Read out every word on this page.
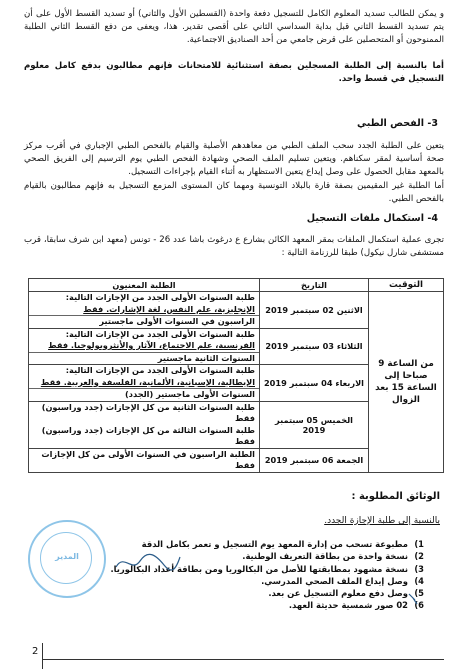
و يمكن للطالب تسديد المعلوم الكامل للتسجيل دفعة واحدة (القسطين الأول والثاني) أو تسديد القسط الأول على أن يتم تسديد القسط الثاني قبل بداية السداسي الثاني على أقصى تقدير. هذا، ويعفى من دفع القسط الثاني الطلبة الممنوحون أو المتحصلين على قرض جامعي من أحد الصناديق الاجتماعية.
أما بالنسبة إلى الطلبة المسجلين بصفة استثنائية للامتحانات فإنهم مطالبون بدفع كامل معلوم التسجيل في قسط واحد.
3- الفحص الطبي
يتعين على الطلبة الجدد سحب الملف الطبي من معاهدهم الأصلية والقيام بالفحص الطبي الإجباري في أقرب مركز صحة أساسية لمقر سكناهم. ويتعين تسليم الملف الصحي وشهادة الفحص الطبي يوم الترسيم إلى الفريق الصحي بالمعهد مقابل الحصول على وصل إيداع يتعين الاستظهار به أثناء القيام بإجراءات التسجيل.
أما الطلبة غير المقيمين بصفة قارة بالبلاد التونسية ومهما كان المستوى المزمع التسجيل به فإنهم مطالبون بالقيام بالفحص الطبي.
4- استكمال ملفات التسجيل
تجرى عملية استكمال الملفات بمقر المعهد الكائن بشارع ع درغوث باشا عدد 26 - تونس (معهد ابن شرف سابقا، قرب مستشفى شارل نيكول) طبقا للرزنامة التالية :
التوقيت	التاريخ	الطلبة المعنيون
من الساعة 9 صباحا إلى الساعة 15 بعد الزوال	الاثنين 02 سبتمبر 2019	طلبة السنوات الأولى الجدد من الإجازات التالية:
الإنجليزية، علم النفس، لغة الإشارات. فقط
الراسبون في السنوات الأولى ماجستير

	الثلاثاء 03 سبتمبر 2019	طلبة السنوات الأولى الجدد من الإجازات التالية:
الفرنسية، علم الاجتماع، الآثار والأنثروبولوجيا. فقط
السنوات الثانية ماجستير

	الاربعاء 04 سبتمبر 2019	طلبة السنوات الأولى الجدد من الإجازات التالية:
الإيطالية، الإسبانية، الألمانية، الفلسفة والعربية. فقط
السنوات الأولى ماجستير (الجدد)

	الخميس 05 سبتمبر 2019	طلبة السنوات الثانية من كل الإجازات (جدد وراسبون) فقط
طلبة السنوات الثالثة من كل الإجازات (جدد وراسبون) فقط

	الجمعة 06 سبتمبر 2019	الطلبة الراسبون في السنوات الأولى من كل الإجازات فقط
الوثائق المطلوبة :
بالنسبة إلى طلبة الإجازة الجدد.
1)مطبوعة تسحب من إدارة المعهد يوم التسجيل و تعمر بكامل الدقة
2)نسخة واحدة من بطاقة التعريف الوطنية.
3)نسخة مشهود بمطابقتها للأصل من البكالوريا ومن بطاقة أعداد البكالوريا.
4)وصل إيداع الملف الصحي المدرسي.
5)وصل دفع معلوم التسجيل عن بعد.
6)02 صور شمسية حديثة العهد.
المدير
2
